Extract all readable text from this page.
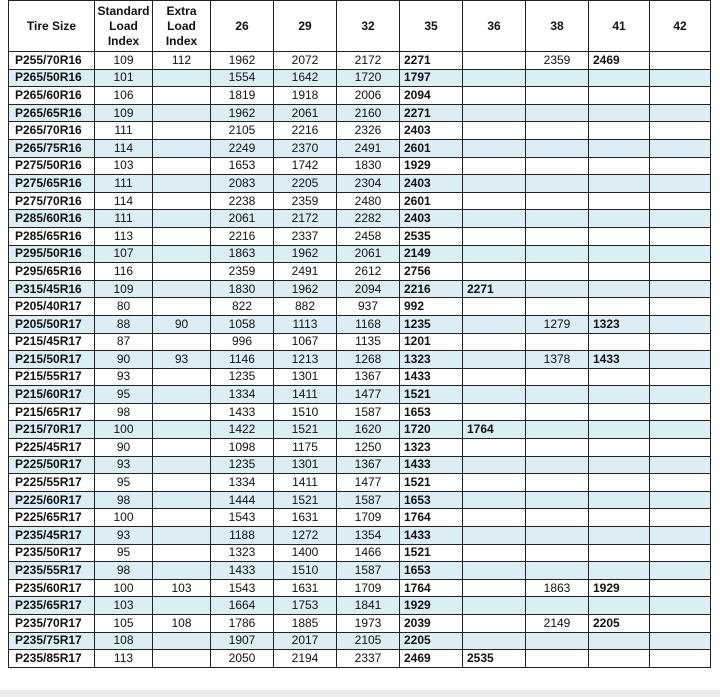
Tire Size	Standard
Load
Index	Extra
Load
Index	26	29	32	35	36	38	41	42
P255/70R16	109	112	1962	2072	2172	2271		2359	2469	
P265/50R16	101		1554	1642	1720	1797				
P265/60R16	106		1819	1918	2006	2094				
P265/65R16	109		1962	2061	2160	2271				
P265/70R16	111		2105	2216	2326	2403				
P265/75R16	114		2249	2370	2491	2601				
P275/50R16	103		1653	1742	1830	1929				
P275/65R16	111		2083	2205	2304	2403				
P275/70R16	114		2238	2359	2480	2601				
P285/60R16	111		2061	2172	2282	2403				
P285/65R16	113		2216	2337	2458	2535				
P295/50R16	107		1863	1962	2061	2149				
P295/65R16	116		2359	2491	2612	2756				
P315/45R16	109		1830	1962	2094	2216	2271			
P205/40R17	80		822	882	937	992				
P205/50R17	88	90	1058	1113	1168	1235		1279	1323	
P215/45R17	87		996	1067	1135	1201				
P215/50R17	90	93	1146	1213	1268	1323		1378	1433	
P215/55R17	93		1235	1301	1367	1433				
P215/60R17	95		1334	1411	1477	1521				
P215/65R17	98		1433	1510	1587	1653				
P215/70R17	100		1422	1521	1620	1720	1764			
P225/45R17	90		1098	1175	1250	1323				
P225/50R17	93		1235	1301	1367	1433				
P225/55R17	95		1334	1411	1477	1521				
P225/60R17	98		1444	1521	1587	1653				
P225/65R17	100		1543	1631	1709	1764				
P235/45R17	93		1188	1272	1354	1433				
P235/50R17	95		1323	1400	1466	1521				
P235/55R17	98		1433	1510	1587	1653				
P235/60R17	100	103	1543	1631	1709	1764		1863	1929	
P235/65R17	103		1664	1753	1841	1929				
P235/70R17	105	108	1786	1885	1973	2039		2149	2205	
P235/75R17	108		1907	2017	2105	2205				
P235/85R17	113		2050	2194	2337	2469	2535			
